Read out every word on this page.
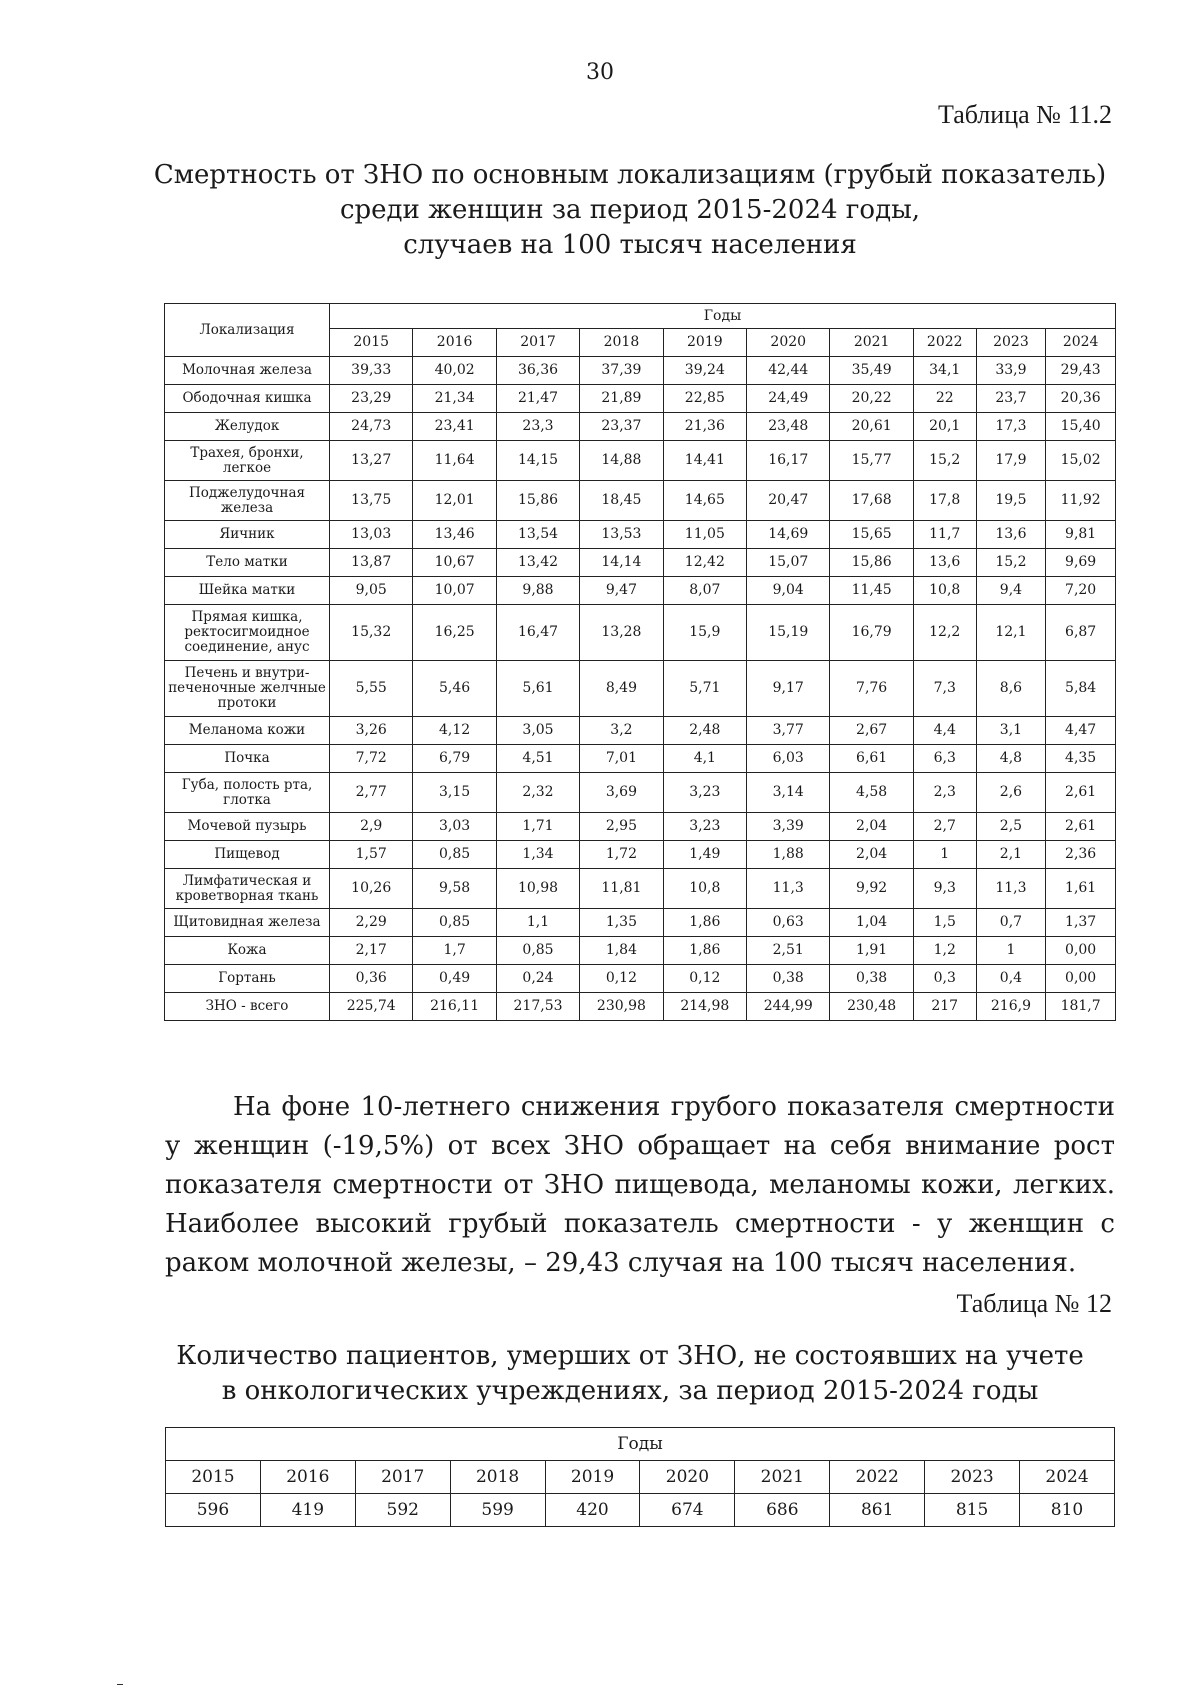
30
Таблица № 11.2
Смертность от ЗНО по основным локализациям (грубый показатель)
среди женщин за период 2015-2024 годы,
случаев на 100 тысяч населения
Локализация	Годы									
	2015	2016	2017	2018	2019	2020	2021	2022	2023	2024
Молочная железа	39,33	40,02	36,36	37,39	39,24	42,44	35,49	34,1	33,9	29,43
Ободочная кишка	23,29	21,34	21,47	21,89	22,85	24,49	20,22	22	23,7	20,36
Желудок	24,73	23,41	23,3	23,37	21,36	23,48	20,61	20,1	17,3	15,40
Трахея, бронхи, легкое	13,27	11,64	14,15	14,88	14,41	16,17	15,77	15,2	17,9	15,02
Поджелудочная железа	13,75	12,01	15,86	18,45	14,65	20,47	17,68	17,8	19,5	11,92
Яичник	13,03	13,46	13,54	13,53	11,05	14,69	15,65	11,7	13,6	9,81
Тело матки	13,87	10,67	13,42	14,14	12,42	15,07	15,86	13,6	15,2	9,69
Шейка матки	9,05	10,07	9,88	9,47	8,07	9,04	11,45	10,8	9,4	7,20
Прямая кишка, ректосигмоидное соединение, анус	15,32	16,25	16,47	13,28	15,9	15,19	16,79	12,2	12,1	6,87
Печень и внутри-печеночные желчные протоки	5,55	5,46	5,61	8,49	5,71	9,17	7,76	7,3	8,6	5,84
Меланома кожи	3,26	4,12	3,05	3,2	2,48	3,77	2,67	4,4	3,1	4,47
Почка	7,72	6,79	4,51	7,01	4,1	6,03	6,61	6,3	4,8	4,35
Губа, полость рта, глотка	2,77	3,15	2,32	3,69	3,23	3,14	4,58	2,3	2,6	2,61
Мочевой пузырь	2,9	3,03	1,71	2,95	3,23	3,39	2,04	2,7	2,5	2,61
Пищевод	1,57	0,85	1,34	1,72	1,49	1,88	2,04	1	2,1	2,36
Лимфатическая и кроветворная ткань	10,26	9,58	10,98	11,81	10,8	11,3	9,92	9,3	11,3	1,61
Щитовидная железа	2,29	0,85	1,1	1,35	1,86	0,63	1,04	1,5	0,7	1,37
Кожа	2,17	1,7	0,85	1,84	1,86	2,51	1,91	1,2	1	0,00
Гортань	0,36	0,49	0,24	0,12	0,12	0,38	0,38	0,3	0,4	0,00
ЗНО - всего	225,74	216,11	217,53	230,98	214,98	244,99	230,48	217	216,9	181,7
На фоне 10-летнего снижения грубого показателя смертности у женщин (-19,5%) от всех ЗНО обращает на себя внимание рост показателя смертности от ЗНО пищевода, меланомы кожи, легких. Наиболее высокий грубый показатель смертности - у женщин с раком молочной железы, – 29,43 случая на 100 тысяч населения.
Таблица № 12
Количество пациентов, умерших от ЗНО, не состоявших на учете
в онкологических учреждениях, за период 2015-2024 годы
Годы									
2015	2016	2017	2018	2019	2020	2021	2022	2023	2024
596	419	592	599	420	674	686	861	815	810
